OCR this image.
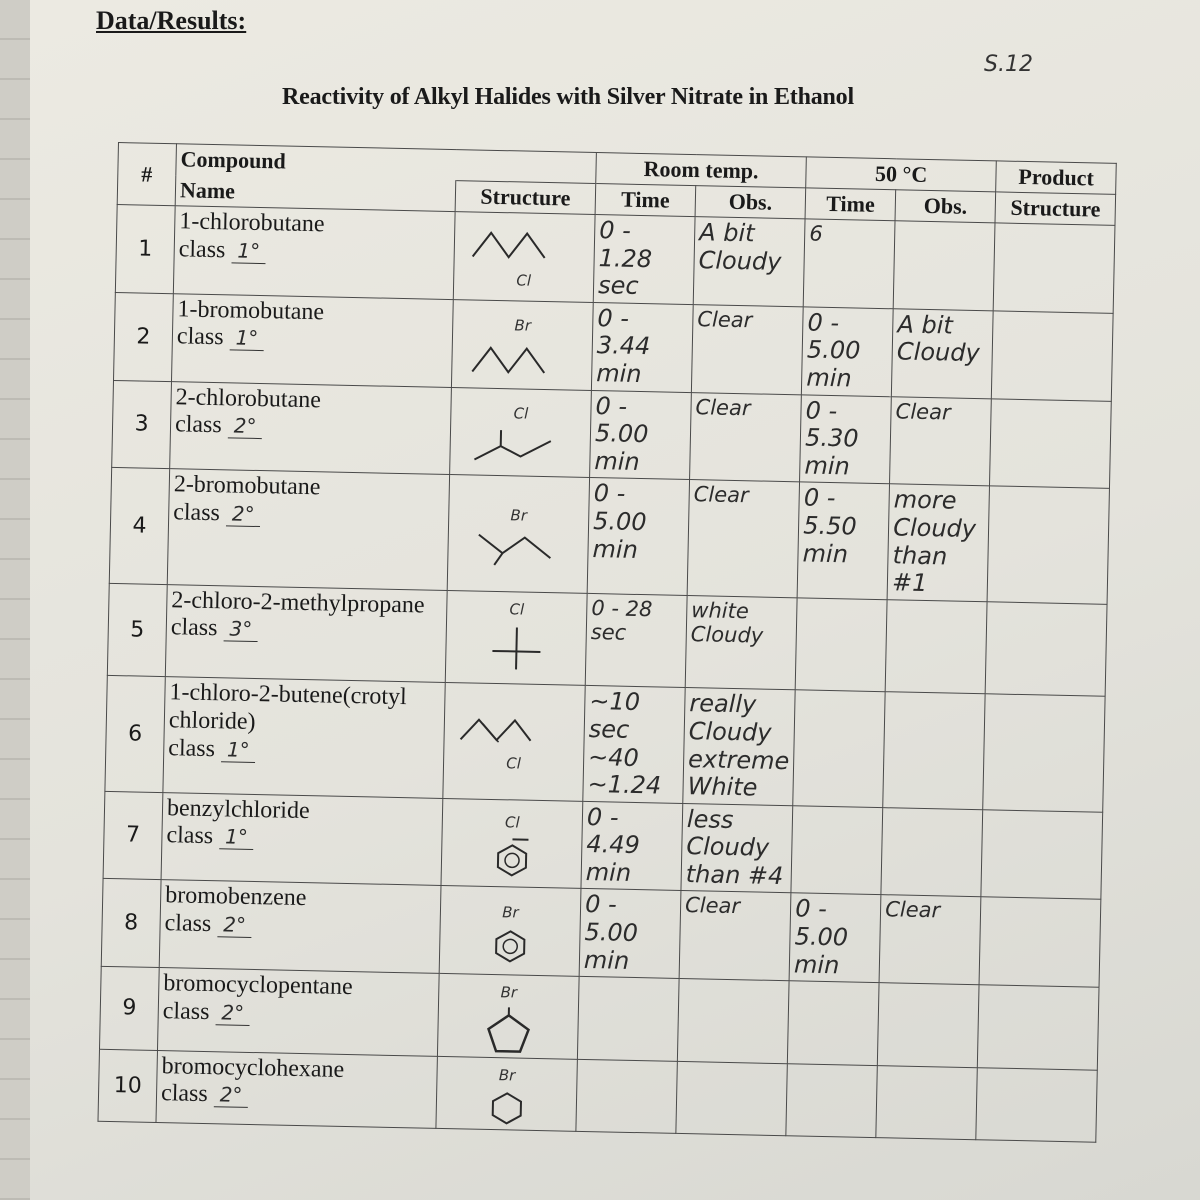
Data/Results:
S.12
Reactivity of Alkyl Halides with Silver Nitrate in Ethanol
#	Compound		Room temp.		50 °C		Product
	Name	Structure	Time	Obs.	Time	Obs.	Structure
1	1-chlorobutane
class 1°	Cl	0 - 1.28 sec	A bit Cloudy	6		
2	1-bromobutane
class 1°	Br	0 - 3.44 min	Clear	0 - 5.00 min	A bit Cloudy	
3	2-chlorobutane
class 2°	Cl	0 - 5.00 min	Clear	0 - 5.30 min	Clear	
4	2-bromobutane
class 2°	Br	0 - 5.00 min	Clear	0 - 5.50 min	more Cloudy than #1	
5	2-chloro-2-methylpropane
class 3°	Cl	0 - 28 sec	white Cloudy			
6	1-chloro-2-butene(crotyl chloride)
class 1°	Cl	~10 sec ~40 ~1.24	really Cloudy extreme White			
7	benzylchloride
class 1°	Cl	0 - 4.49 min	less Cloudy than #4			
8	bromobenzene
class 2°	Br	0 - 5.00 min	Clear	0 - 5.00 min	Clear	
9	bromocyclopentane
class 2°	Br

10	bromocyclohexane
class 2°	Br
